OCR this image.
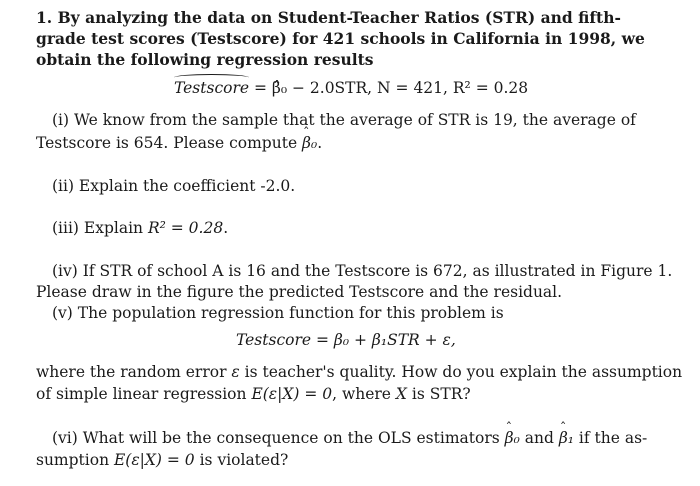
1. By analyzing the data on Student-Teacher Ratios (STR) and fifth-
grade test scores (Testscore) for 421 schools in California in 1998, we
obtain the following regression results
Testscore = β̂₀ − 2.0STR, N = 421, R² = 0.28
(i) We know from the sample that the average of STR is 19, the average of
Testscore is 654. Please compute ˆ β₀.
(ii) Explain the coefficient -2.0.
(iii) Explain R² = 0.28.
(iv) If STR of school A is 16 and the Testscore is 672, as illustrated in Figure 1.
Please draw in the figure the predicted Testscore and the residual.
(v) The population regression function for this problem is
Testscore = β₀ + β₁STR + ε,
where the random error ε is teacher's quality. How do you explain the assumption
of simple linear regression E(ε|X) = 0, where X is STR?
(vi) What will be the consequence on the OLS estimators ˆ β₀ and ˆ β₁ if the as-
sumption E(ε|X) = 0 is violated?
